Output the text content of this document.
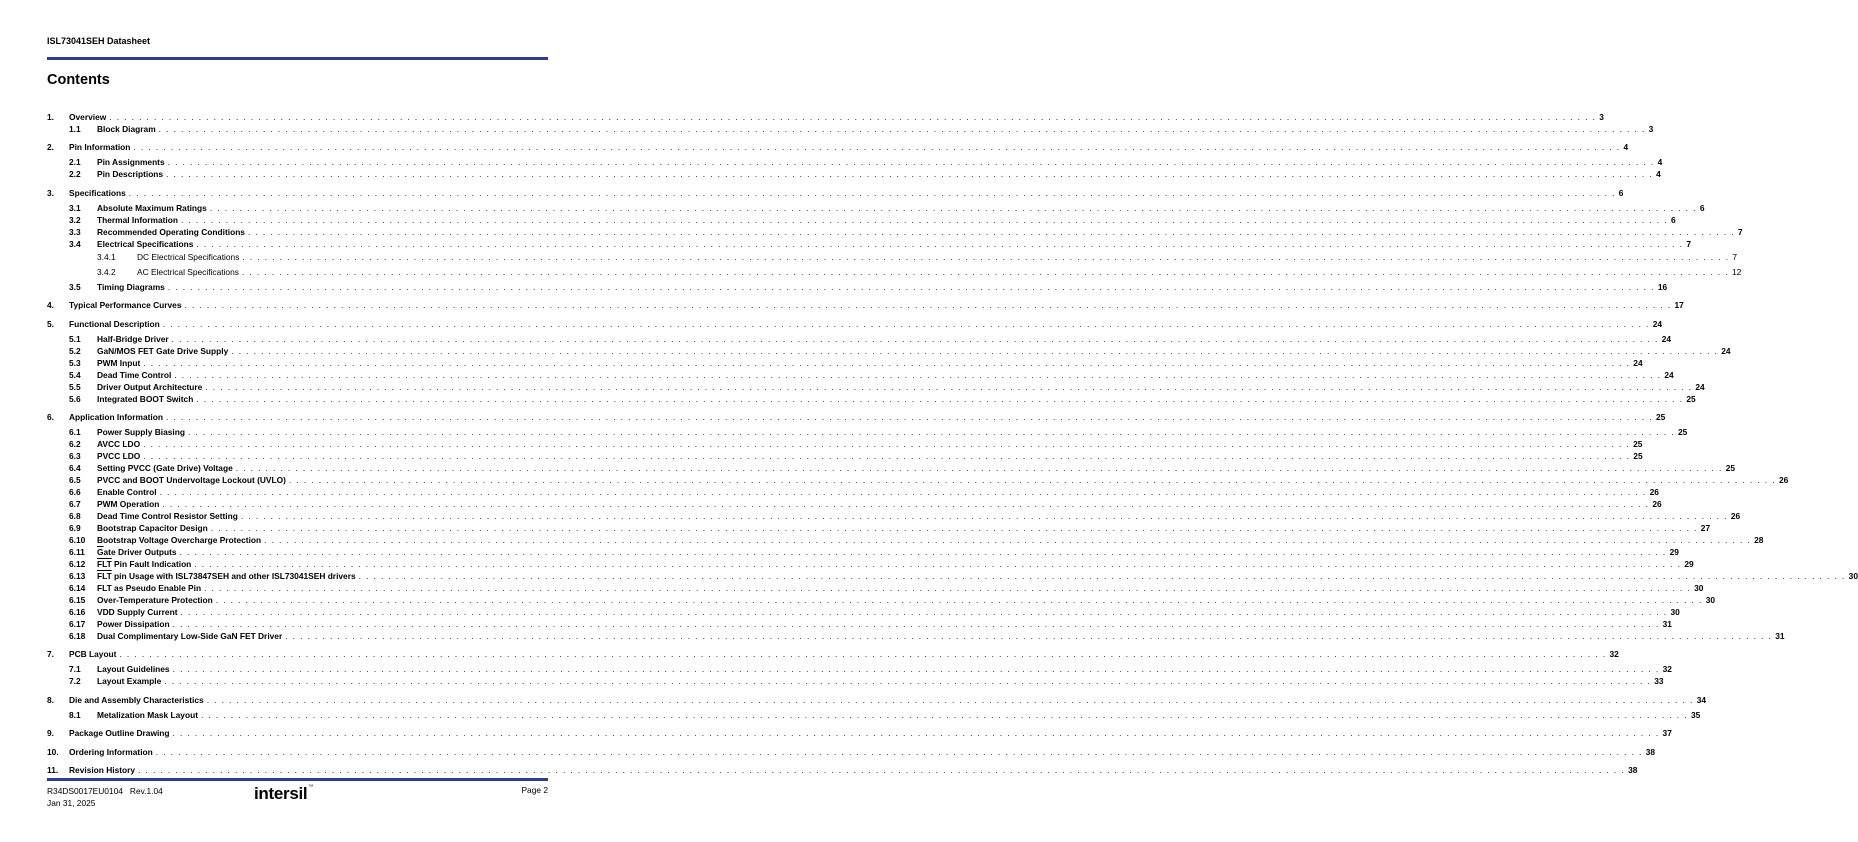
ISL73041SEH Datasheet
Contents
1. Overview . . . . . . . . . . . . . . . . . . . . . . . . . . . . . . . . . . . . . . . . . . . . . . . . . . . . . . . . . . . . . . . . . . . . . . . . . . . . . . . . . . . . . . . . . . . . . . . . . . . . . . . . . . . . . . . . . . . . . . . . . . . . . . . . . . . . . . . . . . . . . . . . . . . . . . . . . . . . . . . . . . . . . . . . . . . . . . . . . . . . . . . . . . . . . . . . . . . . . . . . 3
1.1 Block Diagram . . . . . . . . . . . . . . . . . . . . . . . . . . . . . . . . . . . . . . . . . . . . . . . . . . . . . . . . . . . . . . . . . . . . . . . . . . . . . . . . . . . . . . . . . . . . . . . . . . . . . . . . . . . . . . . . . . . . . . . . . . . . . . . . . . . . . . . . . . . . . . . . . . . . . . . . . . . . . . . . . . . . . . . . . . . . . . . . . . . . . . . . . . . . . . . . . . . . . . . . 3
2. Pin Information . . . . . . . . . . . . . . . . . . . . . . . . . . . . . . . . . . . . . . . . . . . . . . . . . . . . . . . . . . . . . . . . . . . . . . . . . . . . . . . . . . . . . . . . . . . . . . . . . . . . . . . . . . . . . . . . . . . . . . . . . . . . . . . . . . . . . . . . . . . . . . . . . . . . . . . . . . . . . . . . . . . . . . . . . . . . . . . . . . . . . . . . . . . . . . . . . . . . . . . . 4
2.1 Pin Assignments . . . . . . . . . . . . . . . . . . . . . . . . . . . . . . . . . . . . . . . . . . . . . . . . . . . . . . . . . . . . . . . . . . . . . . . . . . . . . . . . . . . . . . . . . . . . . . . . . . . . . . . . . . . . . . . . . . . . . . . . . . . . . . . . . . . . . . . . . . . . . . . . . . . . . . . . . . . . . . . . . . . . . . . . . . . . . . . . . . . . . . . . . . . . . . . . . . . . . . . . 4
2.2 Pin Descriptions . . . . . . . . . . . . . . . . . . . . . . . . . . . . . . . . . . . . . . . . . . . . . . . . . . . . . . . . . . . . . . . . . . . . . . . . . . . . . . . . . . . . . . . . . . . . . . . . . . . . . . . . . . . . . . . . . . . . . . . . . . . . . . . . . . . . . . . . . . . . . . . . . . . . . . . . . . . . . . . . . . . . . . . . . . . . . . . . . . . . . . . . . . . . . . . . . . . . . . . . 4
3. Specifications . . . . . . . . . . . . . . . . . . . . . . . . . . . . . . . . . . . . . . . . . . . . . . . . . . . . . . . . . . . . . . . . . . . . . . . . . . . . . . . . . . . . . . . . . . . . . . . . . . . . . . . . . . . . . . . . . . . . . . . . . . . . . . . . . . . . . . . . . . . . . . . . . . . . . . . . . . . . . . . . . . . . . . . . . . . . . . . . . . . . . . . . . . . . . . . . . . . . . . . . 6
3.1 Absolute Maximum Ratings . . . . . . . . . . . . . . . . . . . . . . . . . . . . . . . . . . . . . . . . . . . . . . . . . . . . . . . . . . . . . . . . . . . . . . . . . . . . . . . . . . . . . . . . . . . . . . . . . . . . . . . . . . . . . . . . . . . . . . . . . . . . . . . . . . . . . . . . . . . . . . . . . . . . . . . . . . . . . . . . . . . . . . . . . . . . . . . . . . . . . . . . . . . . . . . . . . . . . . . . 6
3.2 Thermal Information . . . . . . . . . . . . . . . . . . . . . . . . . . . . . . . . . . . . . . . . . . . . . . . . . . . . . . . . . . . . . . . . . . . . . . . . . . . . . . . . . . . . . . . . . . . . . . . . . . . . . . . . . . . . . . . . . . . . . . . . . . . . . . . . . . . . . . . . . . . . . . . . . . . . . . . . . . . . . . . . . . . . . . . . . . . . . . . . . . . . . . . . . . . . . . . . . . . . . . . . 6
3.3 Recommended Operating Conditions . . . . . . . . . . . . . . . . . . . . . . . . . . . . . . . . . . . . . . . . . . . . . . . . . . . . . . . . . . . . . . . . . . . . . . . . . . . . . . . . . . . . . . . . . . . . . . . . . . . . . . . . . . . . . . . . . . . . . . . . . . . . . . . . . . . . . . . . . . . . . . . . . . . . . . . . . . . . . . . . . . . . . . . . . . . . . . . . . . . . . . . . . . . . . . . . . . . . . . . . 7
3.4 Electrical Specifications . . . . . . . . . . . . . . . . . . . . . . . . . . . . . . . . . . . . . . . . . . . . . . . . . . . . . . . . . . . . . . . . . . . . . . . . . . . . . . . . . . . . . . . . . . . . . . . . . . . . . . . . . . . . . . . . . . . . . . . . . . . . . . . . . . . . . . . . . . . . . . . . . . . . . . . . . . . . . . . . . . . . . . . . . . . . . . . . . . . . . . . . . . . . . . . . . . . . . . . . 7
3.4.1	DC Electrical Specifications . . . . . . . . . . . . . . . . . . . . . . . . . . . . . . . . . . . . . . . . . . . . . . . . . . . . . . . . . . . . . . . . . . . . . . . . . . . . . . . . . . . . . . . . . . . . . . . . . . . . . . . . . . . . . . . . . . . . . . . . . . . . . . . . . . . . . . . . . . . . . . . . . . . . . . . . . . . . . . . . . . . . . . . . . . . . . . . . . . . . . . . . . . . . . . . . . . . . . . . . 7
3.4.2	AC Electrical Specifications . . . . . . . . . . . . . . . . . . . . . . . . . . . . . . . . . . . . . . . . . . . . . . . . . . . . . . . . . . . . . . . . . . . . . . . . . . . . . . . . . . . . . . . . . . . . . . . . . . . . . . . . . . . . . . . . . . . . . . . . . . . . . . . . . . . . . . . . . . . . . . . . . . . . . . . . . . . . . . . . . . . . . . . . . . . . . . . . . . . . . . . . . . . . . . . . . . . . . . . . 12
3.5 Timing Diagrams . . . . . . . . . . . . . . . . . . . . . . . . . . . . . . . . . . . . . . . . . . . . . . . . . . . . . . . . . . . . . . . . . . . . . . . . . . . . . . . . . . . . . . . . . . . . . . . . . . . . . . . . . . . . . . . . . . . . . . . . . . . . . . . . . . . . . . . . . . . . . . . . . . . . . . . . . . . . . . . . . . . . . . . . . . . . . . . . . . . . . . . . . . . . . . . . . . . . . . . . 16
4. Typical Performance Curves . . . . . . . . . . . . . . . . . . . . . . . . . . . . . . . . . . . . . . . . . . . . . . . . . . . . . . . . . . . . . . . . . . . . . . . . . . . . . . . . . . . . . . . . . . . . . . . . . . . . . . . . . . . . . . . . . . . . . . . . . . . . . . . . . . . . . . . . . . . . . . . . . . . . . . . . . . . . . . . . . . . . . . . . . . . . . . . . . . . . . . . . . . . . . . . . . . . . . . . . 17
5. Functional Description . . . . . . . . . . . . . . . . . . . . . . . . . . . . . . . . . . . . . . . . . . . . . . . . . . . . . . . . . . . . . . . . . . . . . . . . . . . . . . . . . . . . . . . . . . . . . . . . . . . . . . . . . . . . . . . . . . . . . . . . . . . . . . . . . . . . . . . . . . . . . . . . . . . . . . . . . . . . . . . . . . . . . . . . . . . . . . . . . . . . . . . . . . . . . . . . . . . . . . . . 24
5.1 Half-Bridge Driver . . . . . . . . . . . . . . . . . . . . . . . . . . . . . . . . . . . . . . . . . . . . . . . . . . . . . . . . . . . . . . . . . . . . . . . . . . . . . . . . . . . . . . . . . . . . . . . . . . . . . . . . . . . . . . . . . . . . . . . . . . . . . . . . . . . . . . . . . . . . . . . . . . . . . . . . . . . . . . . . . . . . . . . . . . . . . . . . . . . . . . . . . . . . . . . . . . . . . . . . 24
5.2 GaN/MOS FET Gate Drive Supply . . . . . . . . . . . . . . . . . . . . . . . . . . . . . . . . . . . . . . . . . . . . . . . . . . . . . . . . . . . . . . . . . . . . . . . . . . . . . . . . . . . . . . . . . . . . . . . . . . . . . . . . . . . . . . . . . . . . . . . . . . . . . . . . . . . . . . . . . . . . . . . . . . . . . . . . . . . . . . . . . . . . . . . . . . . . . . . . . . . . . . . . . . . . . . . . . . . . . . . . 24
5.3 PWM Input . . . . . . . . . . . . . . . . . . . . . . . . . . . . . . . . . . . . . . . . . . . . . . . . . . . . . . . . . . . . . . . . . . . . . . . . . . . . . . . . . . . . . . . . . . . . . . . . . . . . . . . . . . . . . . . . . . . . . . . . . . . . . . . . . . . . . . . . . . . . . . . . . . . . . . . . . . . . . . . . . . . . . . . . . . . . . . . . . . . . . . . . . . . . . . . . . . . . . . . . 24
5.4 Dead Time Control . . . . . . . . . . . . . . . . . . . . . . . . . . . . . . . . . . . . . . . . . . . . . . . . . . . . . . . . . . . . . . . . . . . . . . . . . . . . . . . . . . . . . . . . . . . . . . . . . . . . . . . . . . . . . . . . . . . . . . . . . . . . . . . . . . . . . . . . . . . . . . . . . . . . . . . . . . . . . . . . . . . . . . . . . . . . . . . . . . . . . . . . . . . . . . . . . . . . . . . . 24
5.5 Driver Output Architecture . . . . . . . . . . . . . . . . . . . . . . . . . . . . . . . . . . . . . . . . . . . . . . . . . . . . . . . . . . . . . . . . . . . . . . . . . . . . . . . . . . . . . . . . . . . . . . . . . . . . . . . . . . . . . . . . . . . . . . . . . . . . . . . . . . . . . . . . . . . . . . . . . . . . . . . . . . . . . . . . . . . . . . . . . . . . . . . . . . . . . . . . . . . . . . . . . . . . . . . . 24
5.6 Integrated BOOT Switch . . . . . . . . . . . . . . . . . . . . . . . . . . . . . . . . . . . . . . . . . . . . . . . . . . . . . . . . . . . . . . . . . . . . . . . . . . . . . . . . . . . . . . . . . . . . . . . . . . . . . . . . . . . . . . . . . . . . . . . . . . . . . . . . . . . . . . . . . . . . . . . . . . . . . . . . . . . . . . . . . . . . . . . . . . . . . . . . . . . . . . . . . . . . . . . . . . . . . . . . 25
6. Application Information . . . . . . . . . . . . . . . . . . . . . . . . . . . . . . . . . . . . . . . . . . . . . . . . . . . . . . . . . . . . . . . . . . . . . . . . . . . . . . . . . . . . . . . . . . . . . . . . . . . . . . . . . . . . . . . . . . . . . . . . . . . . . . . . . . . . . . . . . . . . . . . . . . . . . . . . . . . . . . . . . . . . . . . . . . . . . . . . . . . . . . . . . . . . . . . . . . . . . . . . 25
6.1 Power Supply Biasing . . . . . . . . . . . . . . . . . . . . . . . . . . . . . . . . . . . . . . . . . . . . . . . . . . . . . . . . . . . . . . . . . . . . . . . . . . . . . . . . . . . . . . . . . . . . . . . . . . . . . . . . . . . . . . . . . . . . . . . . . . . . . . . . . . . . . . . . . . . . . . . . . . . . . . . . . . . . . . . . . . . . . . . . . . . . . . . . . . . . . . . . . . . . . . . . . . . . . . . . 25
6.2 AVCC LDO . . . . . . . . . . . . . . . . . . . . . . . . . . . . . . . . . . . . . . . . . . . . . . . . . . . . . . . . . . . . . . . . . . . . . . . . . . . . . . . . . . . . . . . . . . . . . . . . . . . . . . . . . . . . . . . . . . . . . . . . . . . . . . . . . . . . . . . . . . . . . . . . . . . . . . . . . . . . . . . . . . . . . . . . . . . . . . . . . . . . . . . . . . . . . . . . . . . . . . . . 25
6.3 PVCC LDO . . . . . . . . . . . . . . . . . . . . . . . . . . . . . . . . . . . . . . . . . . . . . . . . . . . . . . . . . . . . . . . . . . . . . . . . . . . . . . . . . . . . . . . . . . . . . . . . . . . . . . . . . . . . . . . . . . . . . . . . . . . . . . . . . . . . . . . . . . . . . . . . . . . . . . . . . . . . . . . . . . . . . . . . . . . . . . . . . . . . . . . . . . . . . . . . . . . . . . . . 25
6.4 Setting PVCC (Gate Drive) Voltage . . . . . . . . . . . . . . . . . . . . . . . . . . . . . . . . . . . . . . . . . . . . . . . . . . . . . . . . . . . . . . . . . . . . . . . . . . . . . . . . . . . . . . . . . . . . . . . . . . . . . . . . . . . . . . . . . . . . . . . . . . . . . . . . . . . . . . . . . . . . . . . . . . . . . . . . . . . . . . . . . . . . . . . . . . . . . . . . . . . . . . . . . . . . . . . . . . . . . . . . 25
6.5 PVCC and BOOT Undervoltage Lockout (UVLO) . . . . . . . . . . . . . . . . . . . . . . . . . . . . . . . . . . . . . . . . . . . . . . . . . . . . . . . . . . . . . . . . . . . . . . . . . . . . . . . . . . . . . . . . . . . . . . . . . . . . . . . . . . . . . . . . . . . . . . . . . . . . . . . . . . . . . . . . . . . . . . . . . . . . . . . . . . . . . . . . . . . . . . . . . . . . . . . . . . . . . . . . . . . . . . . . . . . . . . . . 26
6.6 Enable Control . . . . . . . . . . . . . . . . . . . . . . . . . . . . . . . . . . . . . . . . . . . . . . . . . . . . . . . . . . . . . . . . . . . . . . . . . . . . . . . . . . . . . . . . . . . . . . . . . . . . . . . . . . . . . . . . . . . . . . . . . . . . . . . . . . . . . . . . . . . . . . . . . . . . . . . . . . . . . . . . . . . . . . . . . . . . . . . . . . . . . . . . . . . . . . . . . . . . . . . . 26
6.7 PWM Operation . . . . . . . . . . . . . . . . . . . . . . . . . . . . . . . . . . . . . . . . . . . . . . . . . . . . . . . . . . . . . . . . . . . . . . . . . . . . . . . . . . . . . . . . . . . . . . . . . . . . . . . . . . . . . . . . . . . . . . . . . . . . . . . . . . . . . . . . . . . . . . . . . . . . . . . . . . . . . . . . . . . . . . . . . . . . . . . . . . . . . . . . . . . . . . . . . . . . . . . . 26
6.8 Dead Time Control Resistor Setting . . . . . . . . . . . . . . . . . . . . . . . . . . . . . . . . . . . . . . . . . . . . . . . . . . . . . . . . . . . . . . . . . . . . . . . . . . . . . . . . . . . . . . . . . . . . . . . . . . . . . . . . . . . . . . . . . . . . . . . . . . . . . . . . . . . . . . . . . . . . . . . . . . . . . . . . . . . . . . . . . . . . . . . . . . . . . . . . . . . . . . . . . . . . . . . . . . . . . . . . 26
6.9 Bootstrap Capacitor Design . . . . . . . . . . . . . . . . . . . . . . . . . . . . . . . . . . . . . . . . . . . . . . . . . . . . . . . . . . . . . . . . . . . . . . . . . . . . . . . . . . . . . . . . . . . . . . . . . . . . . . . . . . . . . . . . . . . . . . . . . . . . . . . . . . . . . . . . . . . . . . . . . . . . . . . . . . . . . . . . . . . . . . . . . . . . . . . . . . . . . . . . . . . . . . . . . . . . . . . . 27
6.10 Bootstrap Voltage Overcharge Protection . . . . . . . . . . . . . . . . . . . . . . . . . . . . . . . . . . . . . . . . . . . . . . . . . . . . . . . . . . . . . . . . . . . . . . . . . . . . . . . . . . . . . . . . . . . . . . . . . . . . . . . . . . . . . . . . . . . . . . . . . . . . . . . . . . . . . . . . . . . . . . . . . . . . . . . . . . . . . . . . . . . . . . . . . . . . . . . . . . . . . . . . . . . . . . . . . . . . . . . . 28
6.11 $\overline{G}ate$ Driver Outputs . . . . . . . . . . . . . . . . . . . . . . . . . . . . . . . . . . . . . . . . . . . . . . . . . . . . . . . . . . . . . . . . . . . . . . . . . . . . . . . . . . . . . . . . . . . . . . . . . . . . . . . . . . . . . . . . . . . . . . . . . . . . . . . . . . . . . . . . . . . . . . . . . . . . . . . . . . . . . . . . . . . . . . . . . . . . . . . . . . . . . . . . . . . . . . . . . . . . . . . . 29
6.12 $\overline{FLT}$ Pin Fault Indication . . . . . . . . . . . . . . . . . . . . . . . . . . . . . . . . . . . . . . . . . . . . . . . . . . . . . . . . . . . . . . . . . . . . . . . . . . . . . . . . . . . . . . . . . . . . . . . . . . . . . . . . . . . . . . . . . . . . . . . . . . . . . . . . . . . . . . . . . . . . . . . . . . . . . . . . . . . . . . . . . . . . . . . . . . . . . . . . . . . . . . . . . . . . . . . . . . . . . . . . 29
6.13 $\overline{FLT}$ pin Usage with ISL73847SEH and other ISL73041SEH drivers . . . . . . . . . . . . . . . . . . . . . . . . . . . . . . . . . . . . . . . . . . . . . . . . . . . . . . . . . . . . . . . . . . . . . . . . . . . . . . . . . . . . . . . . . . . . . . . . . . . . . . . . . . . . . . . . . . . . . . . . . . . . . . . . . . . . . . . . . . . . . . . . . . . . . . . . . . . . . . . . . . . . . . . . . . . . . . . . . . . . . . . . . . . . . . . . . . . . . . . . 30
6.14 FLT as Pseudo Enable Pin . . . . . . . . . . . . . . . . . . . . . . . . . . . . . . . . . . . . . . . . . . . . . . . . . . . . . . . . . . . . . . . . . . . . . . . . . . . . . . . . . . . . . . . . . . . . . . . . . . . . . . . . . . . . . . . . . . . . . . . . . . . . . . . . . . . . . . . . . . . . . . . . . . . . . . . . . . . . . . . . . . . . . . . . . . . . . . . . . . . . . . . . . . . . . . . . . . . . . . . . 30
6.15 Over-Temperature Protection . . . . . . . . . . . . . . . . . . . . . . . . . . . . . . . . . . . . . . . . . . . . . . . . . . . . . . . . . . . . . . . . . . . . . . . . . . . . . . . . . . . . . . . . . . . . . . . . . . . . . . . . . . . . . . . . . . . . . . . . . . . . . . . . . . . . . . . . . . . . . . . . . . . . . . . . . . . . . . . . . . . . . . . . . . . . . . . . . . . . . . . . . . . . . . . . . . . . . . . . 30
6.16 VDD Supply Current . . . . . . . . . . . . . . . . . . . . . . . . . . . . . . . . . . . . . . . . . . . . . . . . . . . . . . . . . . . . . . . . . . . . . . . . . . . . . . . . . . . . . . . . . . . . . . . . . . . . . . . . . . . . . . . . . . . . . . . . . . . . . . . . . . . . . . . . . . . . . . . . . . . . . . . . . . . . . . . . . . . . . . . . . . . . . . . . . . . . . . . . . . . . . . . . . . . . . . . . 30
6.17 Power Dissipation . . . . . . . . . . . . . . . . . . . . . . . . . . . . . . . . . . . . . . . . . . . . . . . . . . . . . . . . . . . . . . . . . . . . . . . . . . . . . . . . . . . . . . . . . . . . . . . . . . . . . . . . . . . . . . . . . . . . . . . . . . . . . . . . . . . . . . . . . . . . . . . . . . . . . . . . . . . . . . . . . . . . . . . . . . . . . . . . . . . . . . . . . . . . . . . . . . . . . . . . 31
6.18 Dual Complimentary Low-Side GaN FET Driver . . . . . . . . . . . . . . . . . . . . . . . . . . . . . . . . . . . . . . . . . . . . . . . . . . . . . . . . . . . . . . . . . . . . . . . . . . . . . . . . . . . . . . . . . . . . . . . . . . . . . . . . . . . . . . . . . . . . . . . . . . . . . . . . . . . . . . . . . . . . . . . . . . . . . . . . . . . . . . . . . . . . . . . . . . . . . . . . . . . . . . . . . . . . . . . . . . . . . . . . 31
7. PCB Layout . . . . . . . . . . . . . . . . . . . . . . . . . . . . . . . . . . . . . . . . . . . . . . . . . . . . . . . . . . . . . . . . . . . . . . . . . . . . . . . . . . . . . . . . . . . . . . . . . . . . . . . . . . . . . . . . . . . . . . . . . . . . . . . . . . . . . . . . . . . . . . . . . . . . . . . . . . . . . . . . . . . . . . . . . . . . . . . . . . . . . . . . . . . . . . . . . . . . . . . . 32
7.1 Layout Guidelines . . . . . . . . . . . . . . . . . . . . . . . . . . . . . . . . . . . . . . . . . . . . . . . . . . . . . . . . . . . . . . . . . . . . . . . . . . . . . . . . . . . . . . . . . . . . . . . . . . . . . . . . . . . . . . . . . . . . . . . . . . . . . . . . . . . . . . . . . . . . . . . . . . . . . . . . . . . . . . . . . . . . . . . . . . . . . . . . . . . . . . . . . . . . . . . . . . . . . . . . 32
7.2 Layout Example . . . . . . . . . . . . . . . . . . . . . . . . . . . . . . . . . . . . . . . . . . . . . . . . . . . . . . . . . . . . . . . . . . . . . . . . . . . . . . . . . . . . . . . . . . . . . . . . . . . . . . . . . . . . . . . . . . . . . . . . . . . . . . . . . . . . . . . . . . . . . . . . . . . . . . . . . . . . . . . . . . . . . . . . . . . . . . . . . . . . . . . . . . . . . . . . . . . . . . . . 33
8. Die and Assembly Characteristics . . . . . . . . . . . . . . . . . . . . . . . . . . . . . . . . . . . . . . . . . . . . . . . . . . . . . . . . . . . . . . . . . . . . . . . . . . . . . . . . . . . . . . . . . . . . . . . . . . . . . . . . . . . . . . . . . . . . . . . . . . . . . . . . . . . . . . . . . . . . . . . . . . . . . . . . . . . . . . . . . . . . . . . . . . . . . . . . . . . . . . . . . . . . . . . . . . . . . . . . 34
8.1 Metalization Mask Layout . . . . . . . . . . . . . . . . . . . . . . . . . . . . . . . . . . . . . . . . . . . . . . . . . . . . . . . . . . . . . . . . . . . . . . . . . . . . . . . . . . . . . . . . . . . . . . . . . . . . . . . . . . . . . . . . . . . . . . . . . . . . . . . . . . . . . . . . . . . . . . . . . . . . . . . . . . . . . . . . . . . . . . . . . . . . . . . . . . . . . . . . . . . . . . . . . . . . . . . . 35
9. Package Outline Drawing . . . . . . . . . . . . . . . . . . . . . . . . . . . . . . . . . . . . . . . . . . . . . . . . . . . . . . . . . . . . . . . . . . . . . . . . . . . . . . . . . . . . . . . . . . . . . . . . . . . . . . . . . . . . . . . . . . . . . . . . . . . . . . . . . . . . . . . . . . . . . . . . . . . . . . . . . . . . . . . . . . . . . . . . . . . . . . . . . . . . . . . . . . . . . . . . . . . . . . . . 37
10. Ordering Information . . . . . . . . . . . . . . . . . . . . . . . . . . . . . . . . . . . . . . . . . . . . . . . . . . . . . . . . . . . . . . . . . . . . . . . . . . . . . . . . . . . . . . . . . . . . . . . . . . . . . . . . . . . . . . . . . . . . . . . . . . . . . . . . . . . . . . . . . . . . . . . . . . . . . . . . . . . . . . . . . . . . . . . . . . . . . . . . . . . . . . . . . . . . . . . . . . . . . . . . 38
11. Revision History . . . . . . . . . . . . . . . . . . . . . . . . . . . . . . . . . . . . . . . . . . . . . . . . . . . . . . . . . . . . . . . . . . . . . . . . . . . . . . . . . . . . . . . . . . . . . . . . . . . . . . . . . . . . . . . . . . . . . . . . . . . . . . . . . . . . . . . . . . . . . . . . . . . . . . . . . . . . . . . . . . . . . . . . . . . . . . . . . . . . . . . . . . . . . . . . . . . . . . . . 38
R34DS0017EU0104 Rev.1.04
Jan 31, 2025	intersil™	Page 2
